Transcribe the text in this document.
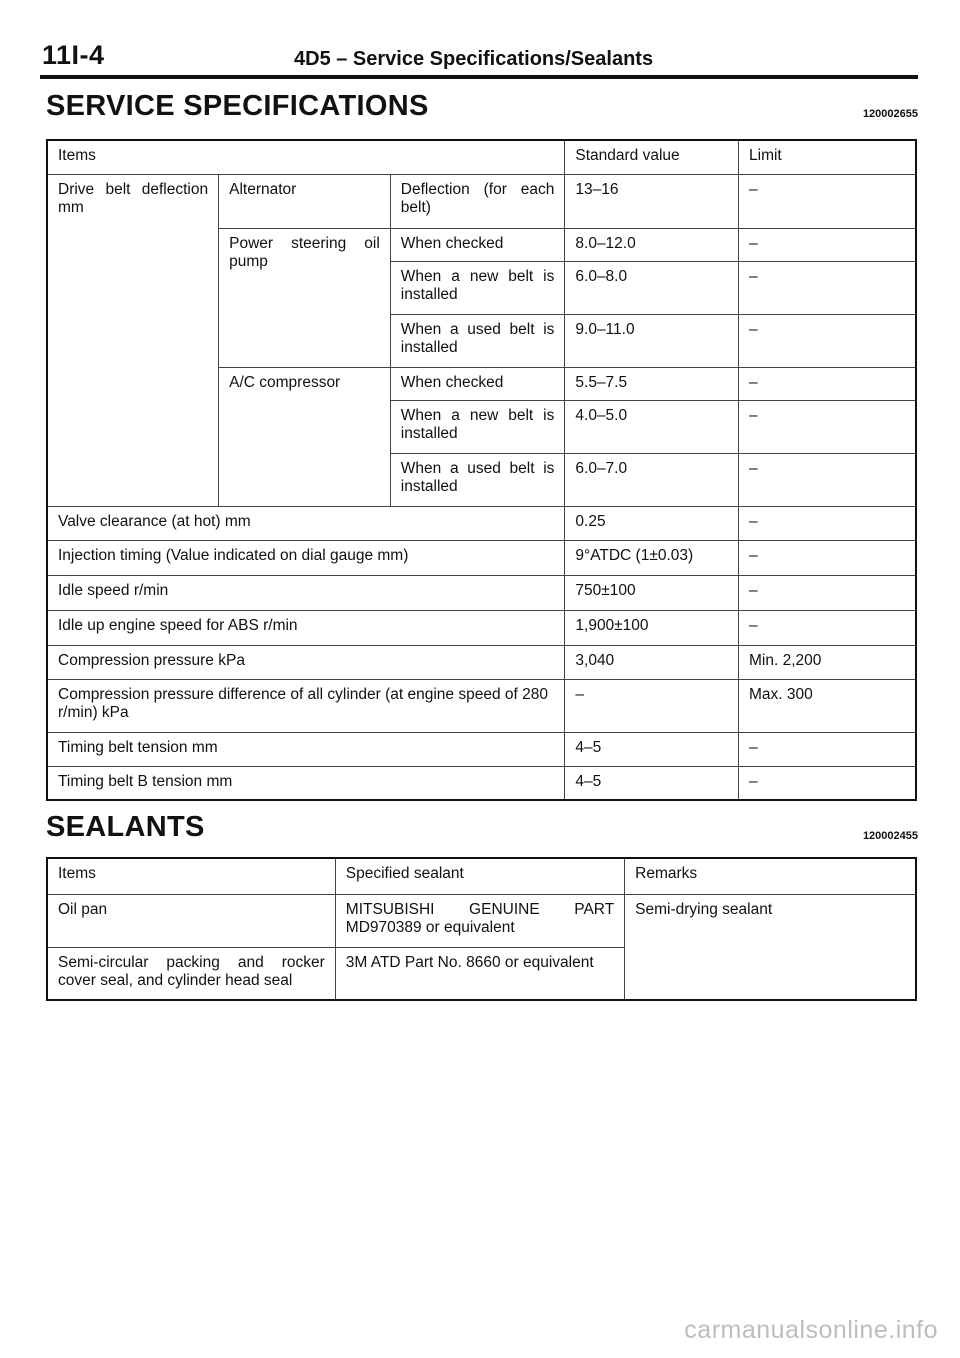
11I-4	4D5 – Service Specifications/Sealants
SERVICE SPECIFICATIONS	120002655
Items			Standard value	Limit
Drive belt deflection mm	Alternator	Deflection (for each belt)	13–16	–
	Power steering oil pump	When checked	8.0–12.0	–
		When a new belt is installed	6.0–8.0	–
		When a used belt is installed	9.0–11.0	–
	A/C compressor	When checked	5.5–7.5	–
		When a new belt is installed	4.0–5.0	–
		When a used belt is installed	6.0–7.0	–
Valve clearance (at hot) mm			0.25	–
Injection timing (Value indicated on dial gauge mm)			9°ATDC (1±0.03)	–
Idle speed r/min			750±100	–
Idle up engine speed for ABS r/min			1,900±100	–
Compression pressure kPa			3,040	Min. 2,200
Compression pressure difference of all cylinder (at engine speed of 280 r/min) kPa			–	Max. 300
Timing belt tension mm			4–5	–
Timing belt B tension mm			4–5	–
SEALANTS	120002455
Items	Specified sealant	Remarks
Oil pan	MITSUBISHI GENUINE PART MD970389 or equivalent	Semi-drying sealant
Semi-circular packing and rocker cover seal, and cylinder head seal	3M ATD Part No. 8660 or equivalent	
carmanualsonline.info
